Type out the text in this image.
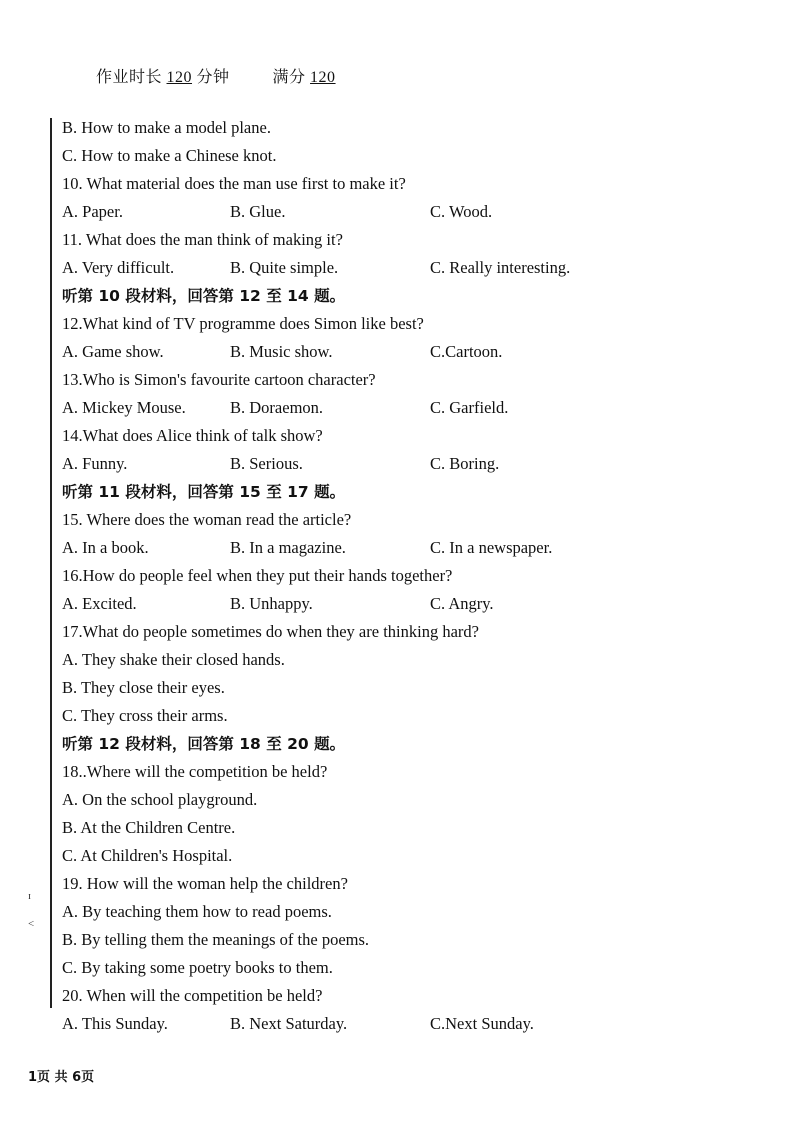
作业时长 120 分钟	满分 120
ɪ
˂
B. How to make a model plane.
C. How to make a Chinese knot.
10. What material does the man use first to make it?
A. Paper.	B. Glue.	C. Wood.
11. What does the man think of making it?
A. Very difficult.	B. Quite simple.	C. Really interesting.
听第 10 段材料，回答第 12 至 14 题。
12.What kind of TV programme does Simon like best?
A. Game show.	B. Music show.	C.Cartoon.
13.Who is Simon's favourite cartoon character?
A. Mickey Mouse.	B. Doraemon.	C. Garfield.
14.What does Alice think of talk show?
A. Funny.	B. Serious.	C. Boring.
听第 11 段材料，回答第 15 至 17 题。
15. Where does the woman read the article?
A. In a book.	B. In a magazine.	C. In a newspaper.
16.How do people feel when they put their hands together?
A. Excited.	B. Unhappy.	C. Angry.
17.What do people sometimes do when they are thinking hard?
A. They shake their closed hands.
B. They close their eyes.
C. They cross their arms.
听第 12 段材料，回答第 18 至 20 题。
18..Where will the competition be held?
A. On the school playground.
B. At the Children Centre.
C. At Children's Hospital.
19. How will the woman help the children?
A. By teaching them how to read poems.
B. By telling them the meanings of the poems.
C. By taking some poetry books to them.
20. When will the competition be held?
A. This Sunday.	B. Next Saturday.	C.Next Sunday.
1页 共 6页
